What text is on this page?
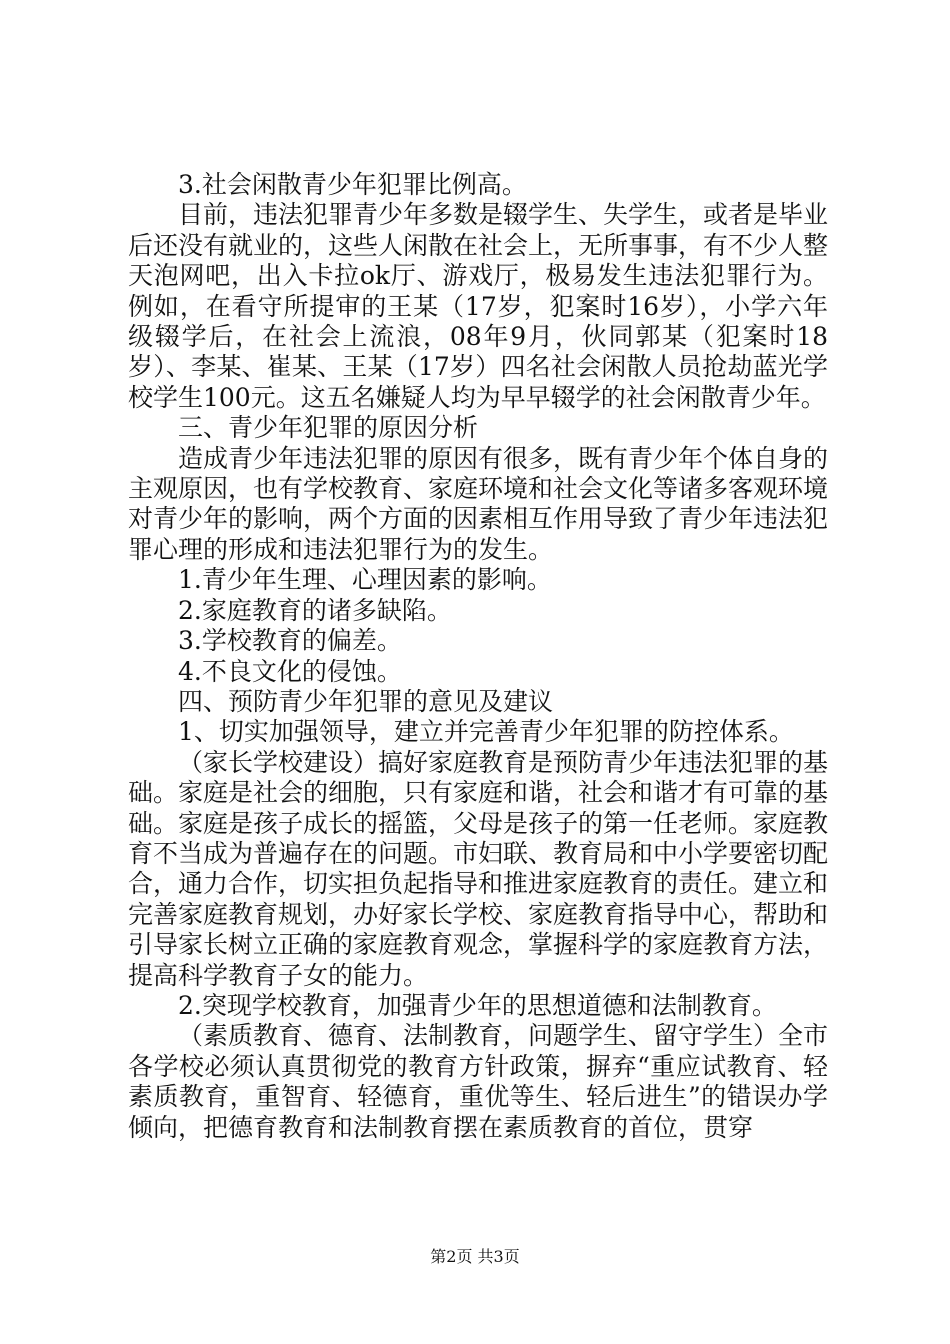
3.社会闲散青少年犯罪比例高。

目前，违法犯罪青少年多数是辍学生、失学生，或者是毕业后还没有就业的，这些人闲散在社会上，无所事事，有不少人整天泡网吧，出入卡拉ok厅、游戏厅，极易发生违法犯罪行为。例如，在看守所提审的王某（17岁，犯案时16岁），小学六年级辍学后，在社会上流浪，08年9月，伙同郭某（犯案时18岁）、李某、崔某、王某（17岁）四名社会闲散人员抢劫蓝光学校学生100元。这五名嫌疑人均为早早辍学的社会闲散青少年。

三、青少年犯罪的原因分析

造成青少年违法犯罪的原因有很多，既有青少年个体自身的主观原因，也有学校教育、家庭环境和社会文化等诸多客观环境对青少年的影响，两个方面的因素相互作用导致了青少年违法犯罪心理的形成和违法犯罪行为的发生。

1.青少年生理、心理因素的影响。

2.家庭教育的诸多缺陷。

3.学校教育的偏差。

4.不良文化的侵蚀。

四、预防青少年犯罪的意见及建议

1、切实加强领导，建立并完善青少年犯罪的防控体系。

（家长学校建设）搞好家庭教育是预防青少年违法犯罪的基础。家庭是社会的细胞，只有家庭和谐，社会和谐才有可靠的基础。家庭是孩子成长的摇篮，父母是孩子的第一任老师。家庭教育不当成为普遍存在的问题。市妇联、教育局和中小学要密切配合，通力合作，切实担负起指导和推进家庭教育的责任。建立和完善家庭教育规划，办好家长学校、家庭教育指导中心，帮助和引导家长树立正确的家庭教育观念，掌握科学的家庭教育方法，提高科学教育子女的能力。

2.突现学校教育，加强青少年的思想道德和法制教育。

（素质教育、德育、法制教育，问题学生、留守学生）全市各学校必须认真贯彻党的教育方针政策，摒弃“重应试教育、轻素质教育，重智育、轻德育，重优等生、轻后进生”的错误办学倾向，把德育教育和法制教育摆在素质教育的首位，贯穿

第2页 共3页
